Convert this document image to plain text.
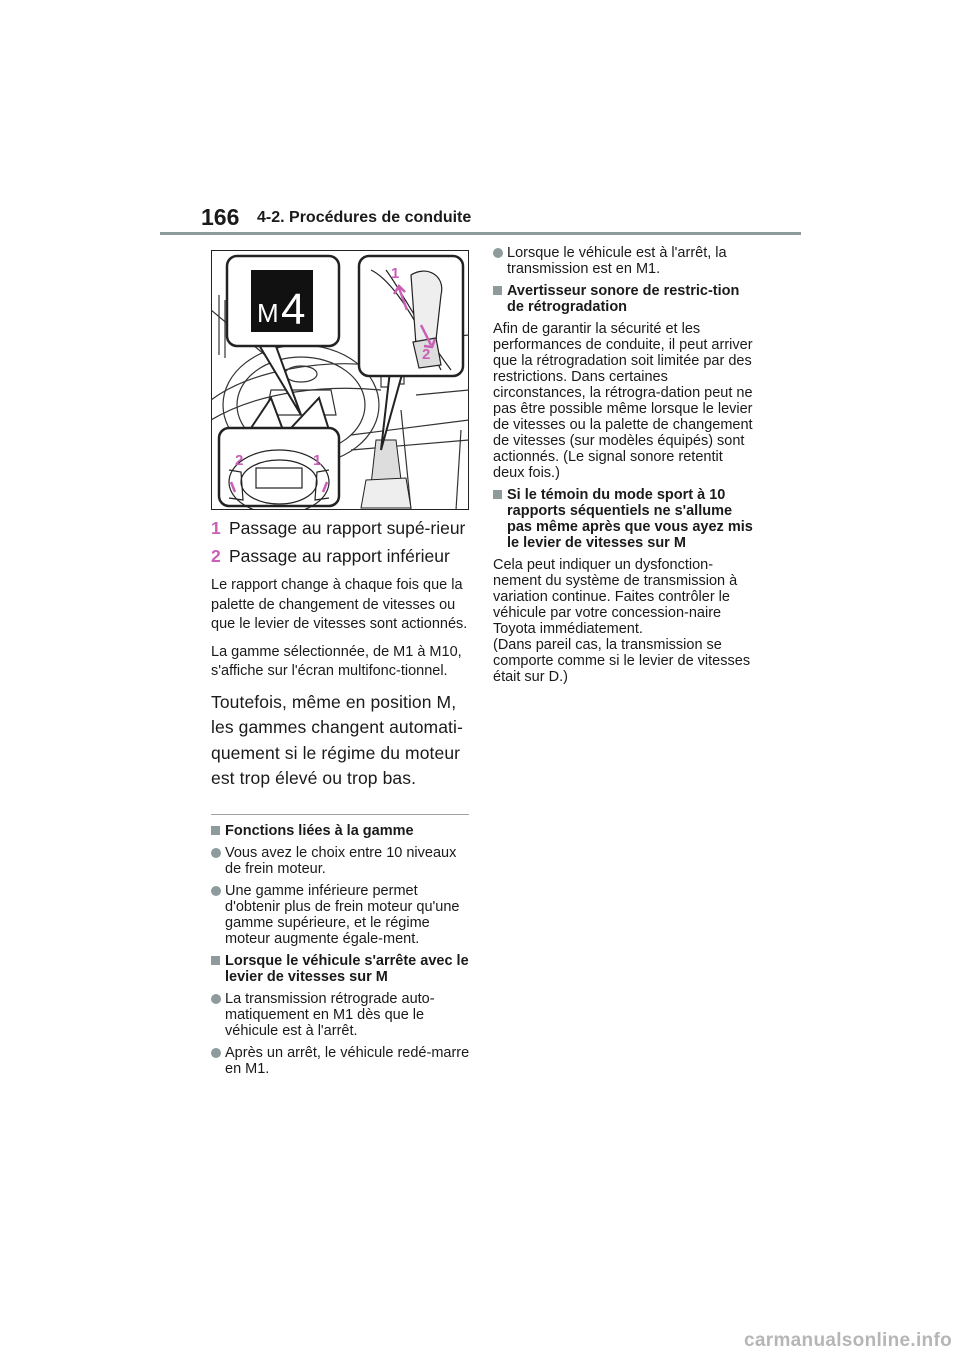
166 4-2. Procédures de conduite
M 4
1
2
2	1
1 Passage au rapport supé-rieur
2 Passage au rapport inférieur
Le rapport change à chaque fois que la palette de changement de vitesses ou que le levier de vitesses sont actionnés.
La gamme sélectionnée, de M1 à M10, s'affiche sur l'écran multifonc-tionnel.
Toutefois, même en position M, les gammes changent automati-quement si le régime du moteur est trop élevé ou trop bas.
Fonctions liées à la gamme
Vous avez le choix entre 10 niveaux de frein moteur.
Une gamme inférieure permet d'obtenir plus de frein moteur qu'une gamme supérieure, et le régime moteur augmente égale-ment.
Lorsque le véhicule s'arrête avec le levier de vitesses sur M
La transmission rétrograde auto-matiquement en M1 dès que le véhicule est à l'arrêt.
Après un arrêt, le véhicule redé-marre en M1.
Lorsque le véhicule est à l'arrêt, la transmission est en M1.
Avertisseur sonore de restric-tion de rétrogradation
Afin de garantir la sécurité et les performances de conduite, il peut arriver que la rétrogradation soit limitée par des restrictions. Dans certaines circonstances, la rétrogra-dation peut ne pas être possible même lorsque le levier de vitesses ou la palette de changement de vitesses (sur modèles équipés) sont actionnés. (Le signal sonore retentit deux fois.)
Si le témoin du mode sport à 10 rapports séquentiels ne s'allume pas même après que vous ayez mis le levier de vitesses sur M
Cela peut indiquer un dysfonction-nement du système de transmission à variation continue. Faites contrôler le véhicule par votre concession-naire Toyota immédiatement.
(Dans pareil cas, la transmission se comporte comme si le levier de vitesses était sur D.)
carmanualsonline.info
